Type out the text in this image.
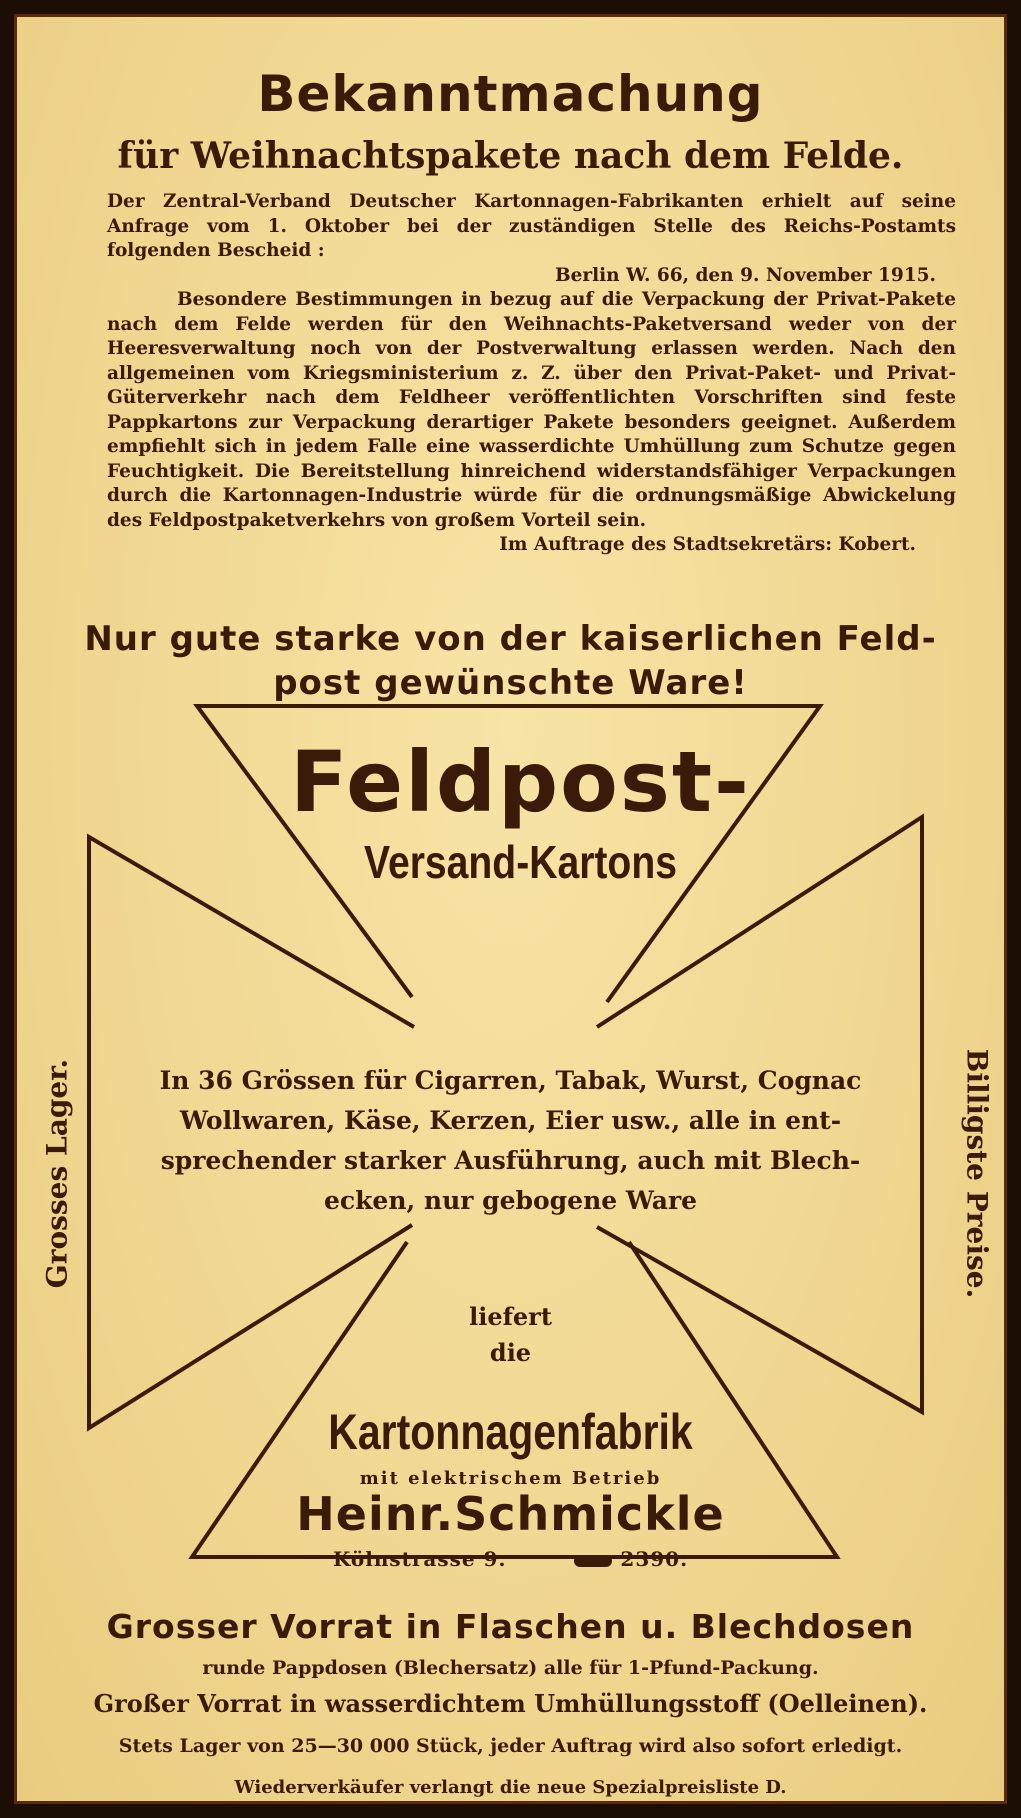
Bekanntmachung
für Weihnachtspakete nach dem Felde.

Der Zentral-Verband Deutscher Kartonnagen-Fabrikanten erhielt auf seine Anfrage vom 1. Oktober bei der zuständigen Stelle des Reichs-Postamts folgenden Bescheid :

Berlin W. 66, den 9. November 1915.

Besondere Bestimmungen in bezug auf die Verpackung der Privat-Pakete nach dem Felde werden für den Weihnachts-Paketversand weder von der Heeresverwaltung noch von der Postverwaltung erlassen werden. Nach den allgemeinen vom Kriegsministerium z. Z. über den Privat-Paket- und Privat-Güterverkehr nach dem Feldheer veröffentlichten Vorschriften sind feste Pappkartons zur Verpackung derartiger Pakete besonders geeignet. Außerdem empfiehlt sich in jedem Falle eine wasserdichte Umhüllung zum Schutze gegen Feuchtigkeit. Die Bereitstellung hinreichend widerstandsfähiger Verpackungen durch die Kartonnagen-Industrie würde für die ordnungsmäßige Abwickelung des Feldpostpaketverkehrs von großem Vorteil sein.

Im Auftrage des Stadtsekretärs: Kobert.

Nur gute starke von der kaiserlichen Feld-
post gewünschte Ware!
Feldpost-
Versand-Kartons
Grosses Lager.	Billigste Preise.
In 36 Grössen für Cigarren, Tabak, Wurst, Cognac
Wollwaren, Käse, Kerzen, Eier usw., alle in ent-
sprechender starker Ausführung, auch mit Blech-
ecken, nur gebogene Ware
liefert
die
Kartonnagenfabrik
mit elektrischem Betrieb
Heinr.Schmickle
Kölnstrasse 9.	2390.
Grosser Vorrat in Flaschen u. Blechdosen
runde Pappdosen (Blechersatz) alle für 1-Pfund-Packung.
Großer Vorrat in wasserdichtem Umhüllungsstoff (Oelleinen).
Stets Lager von 25—30 000 Stück, jeder Auftrag wird also sofort erledigt.
Wiederverkäufer verlangt die neue Spezialpreisliste D.
